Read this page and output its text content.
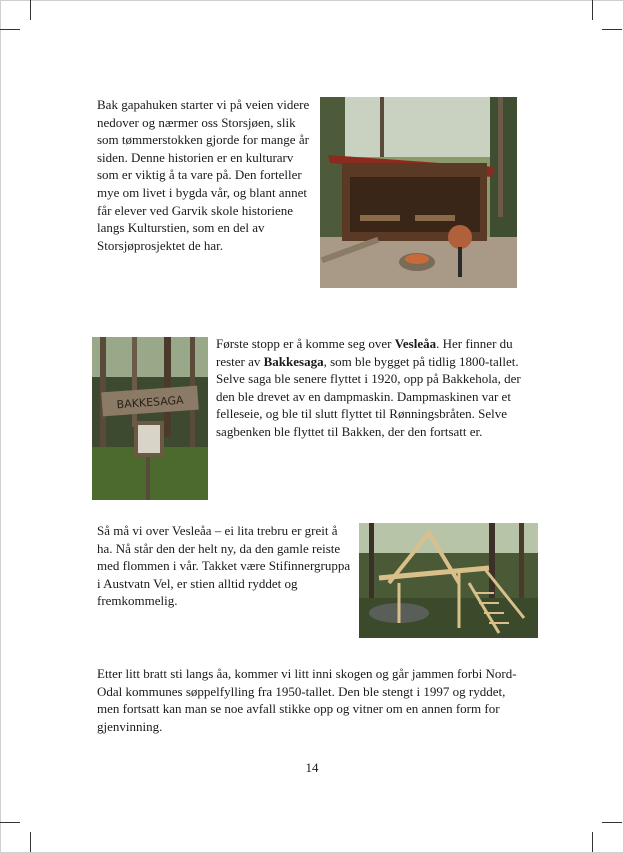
Bak gapahuken starter vi på veien videre nedover og nærmer oss Storsjøen, slik som tømmerstokken gjorde for mange år siden. Denne historien er en kulturarv som er viktig å ta vare på. Den forteller mye om livet i bygda vår, og blant annet får elever ved Garvik skole historiene langs Kulturstien, som en del av Storsjøprosjektet de har.

BAKKESAGA

Første stopp er å komme seg over Vesleåa. Her finner du rester av Bakkesaga, som ble bygget på tidlig 1800-tallet. Selve saga ble senere flyttet i 1920, opp på Bakkehola, der den ble drevet av en dampmaskin. Dampmaskinen var et felleseie, og ble til slutt flyttet til Rønningsbråten. Selve sagbenken ble flyttet til Bakken, der den fortsatt er.

Så må vi over Vesleåa – ei lita trebru er greit å ha. Nå står den der helt ny, da den gamle reiste med flommen i vår. Takket være Stifinnergruppa i Austvatn Vel, er stien alltid ryddet og fremkommelig.

Etter litt bratt sti langs åa, kommer vi litt inni skogen og går jammen forbi Nord-Odal kommunes søppelfylling fra 1950-tallet. Den ble stengt i 1997 og ryddet, men fortsatt kan man se noe avfall stikke opp og vitner om en annen form for gjenvinning.

14
